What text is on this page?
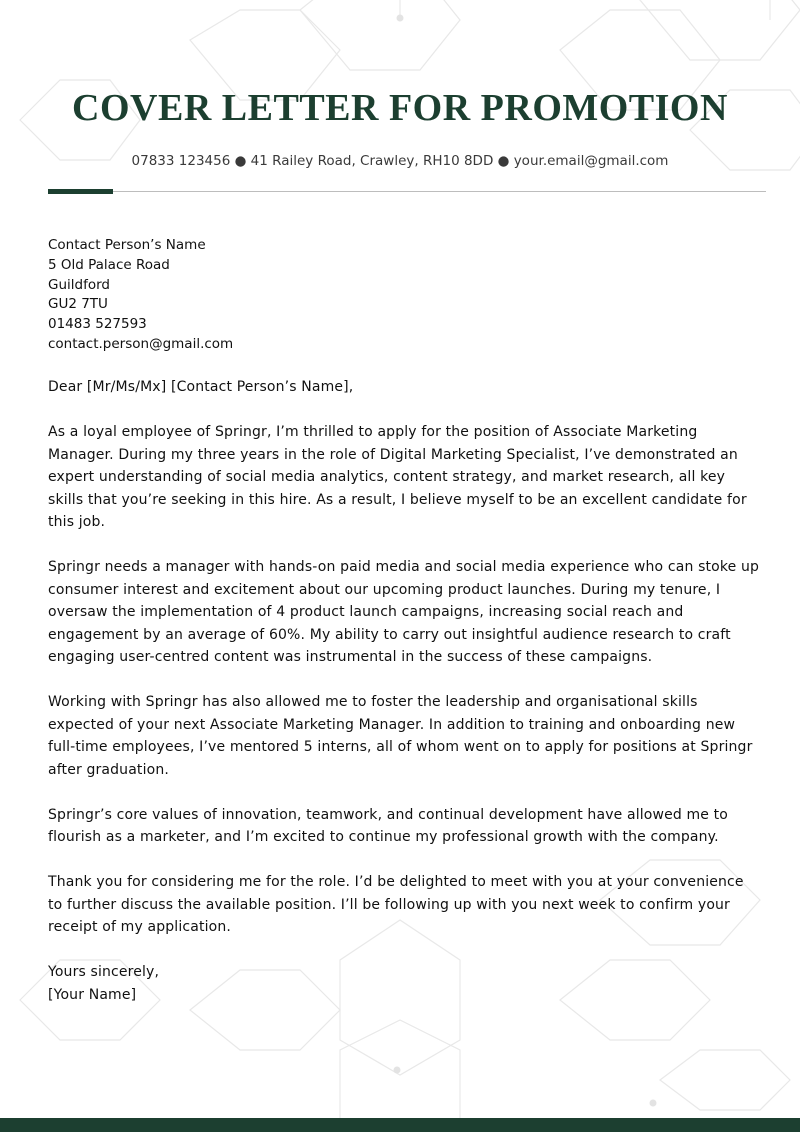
COVER LETTER FOR PROMOTION
07833 123456 ● 41 Railey Road, Crawley, RH10 8DD ● your.email@gmail.com
Contact Person’s Name
5 Old Palace Road
Guildford
GU2 7TU
01483 527593
contact.person@gmail.com

Dear [Mr/Ms/Mx] [Contact Person’s Name],

As a loyal employee of Springr, I’m thrilled to apply for the position of Associate Marketing Manager. During my three years in the role of Digital Marketing Specialist, I’ve demonstrated an expert understanding of social media analytics, content strategy, and market research, all key skills that you’re seeking in this hire. As a result, I believe myself to be an excellent candidate for this job.

Springr needs a manager with hands-on paid media and social media experience who can stoke up consumer interest and excitement about our upcoming product launches. During my tenure, I oversaw the implementation of 4 product launch campaigns, increasing social reach and engagement by an average of 60%. My ability to carry out insightful audience research to craft engaging user-centred content was instrumental in the success of these campaigns.

Working with Springr has also allowed me to foster the leadership and organisational skills expected of your next Associate Marketing Manager. In addition to training and onboarding new full-time employees, I’ve mentored 5 interns, all of whom went on to apply for positions at Springr after graduation.

Springr’s core values of innovation, teamwork, and continual development have allowed me to flourish as a marketer, and I’m excited to continue my professional growth with the company.

Thank you for considering me for the role. I’d be delighted to meet with you at your convenience to further discuss the available position. I’ll be following up with you next week to confirm your receipt of my application.

Yours sincerely,
[Your Name]
